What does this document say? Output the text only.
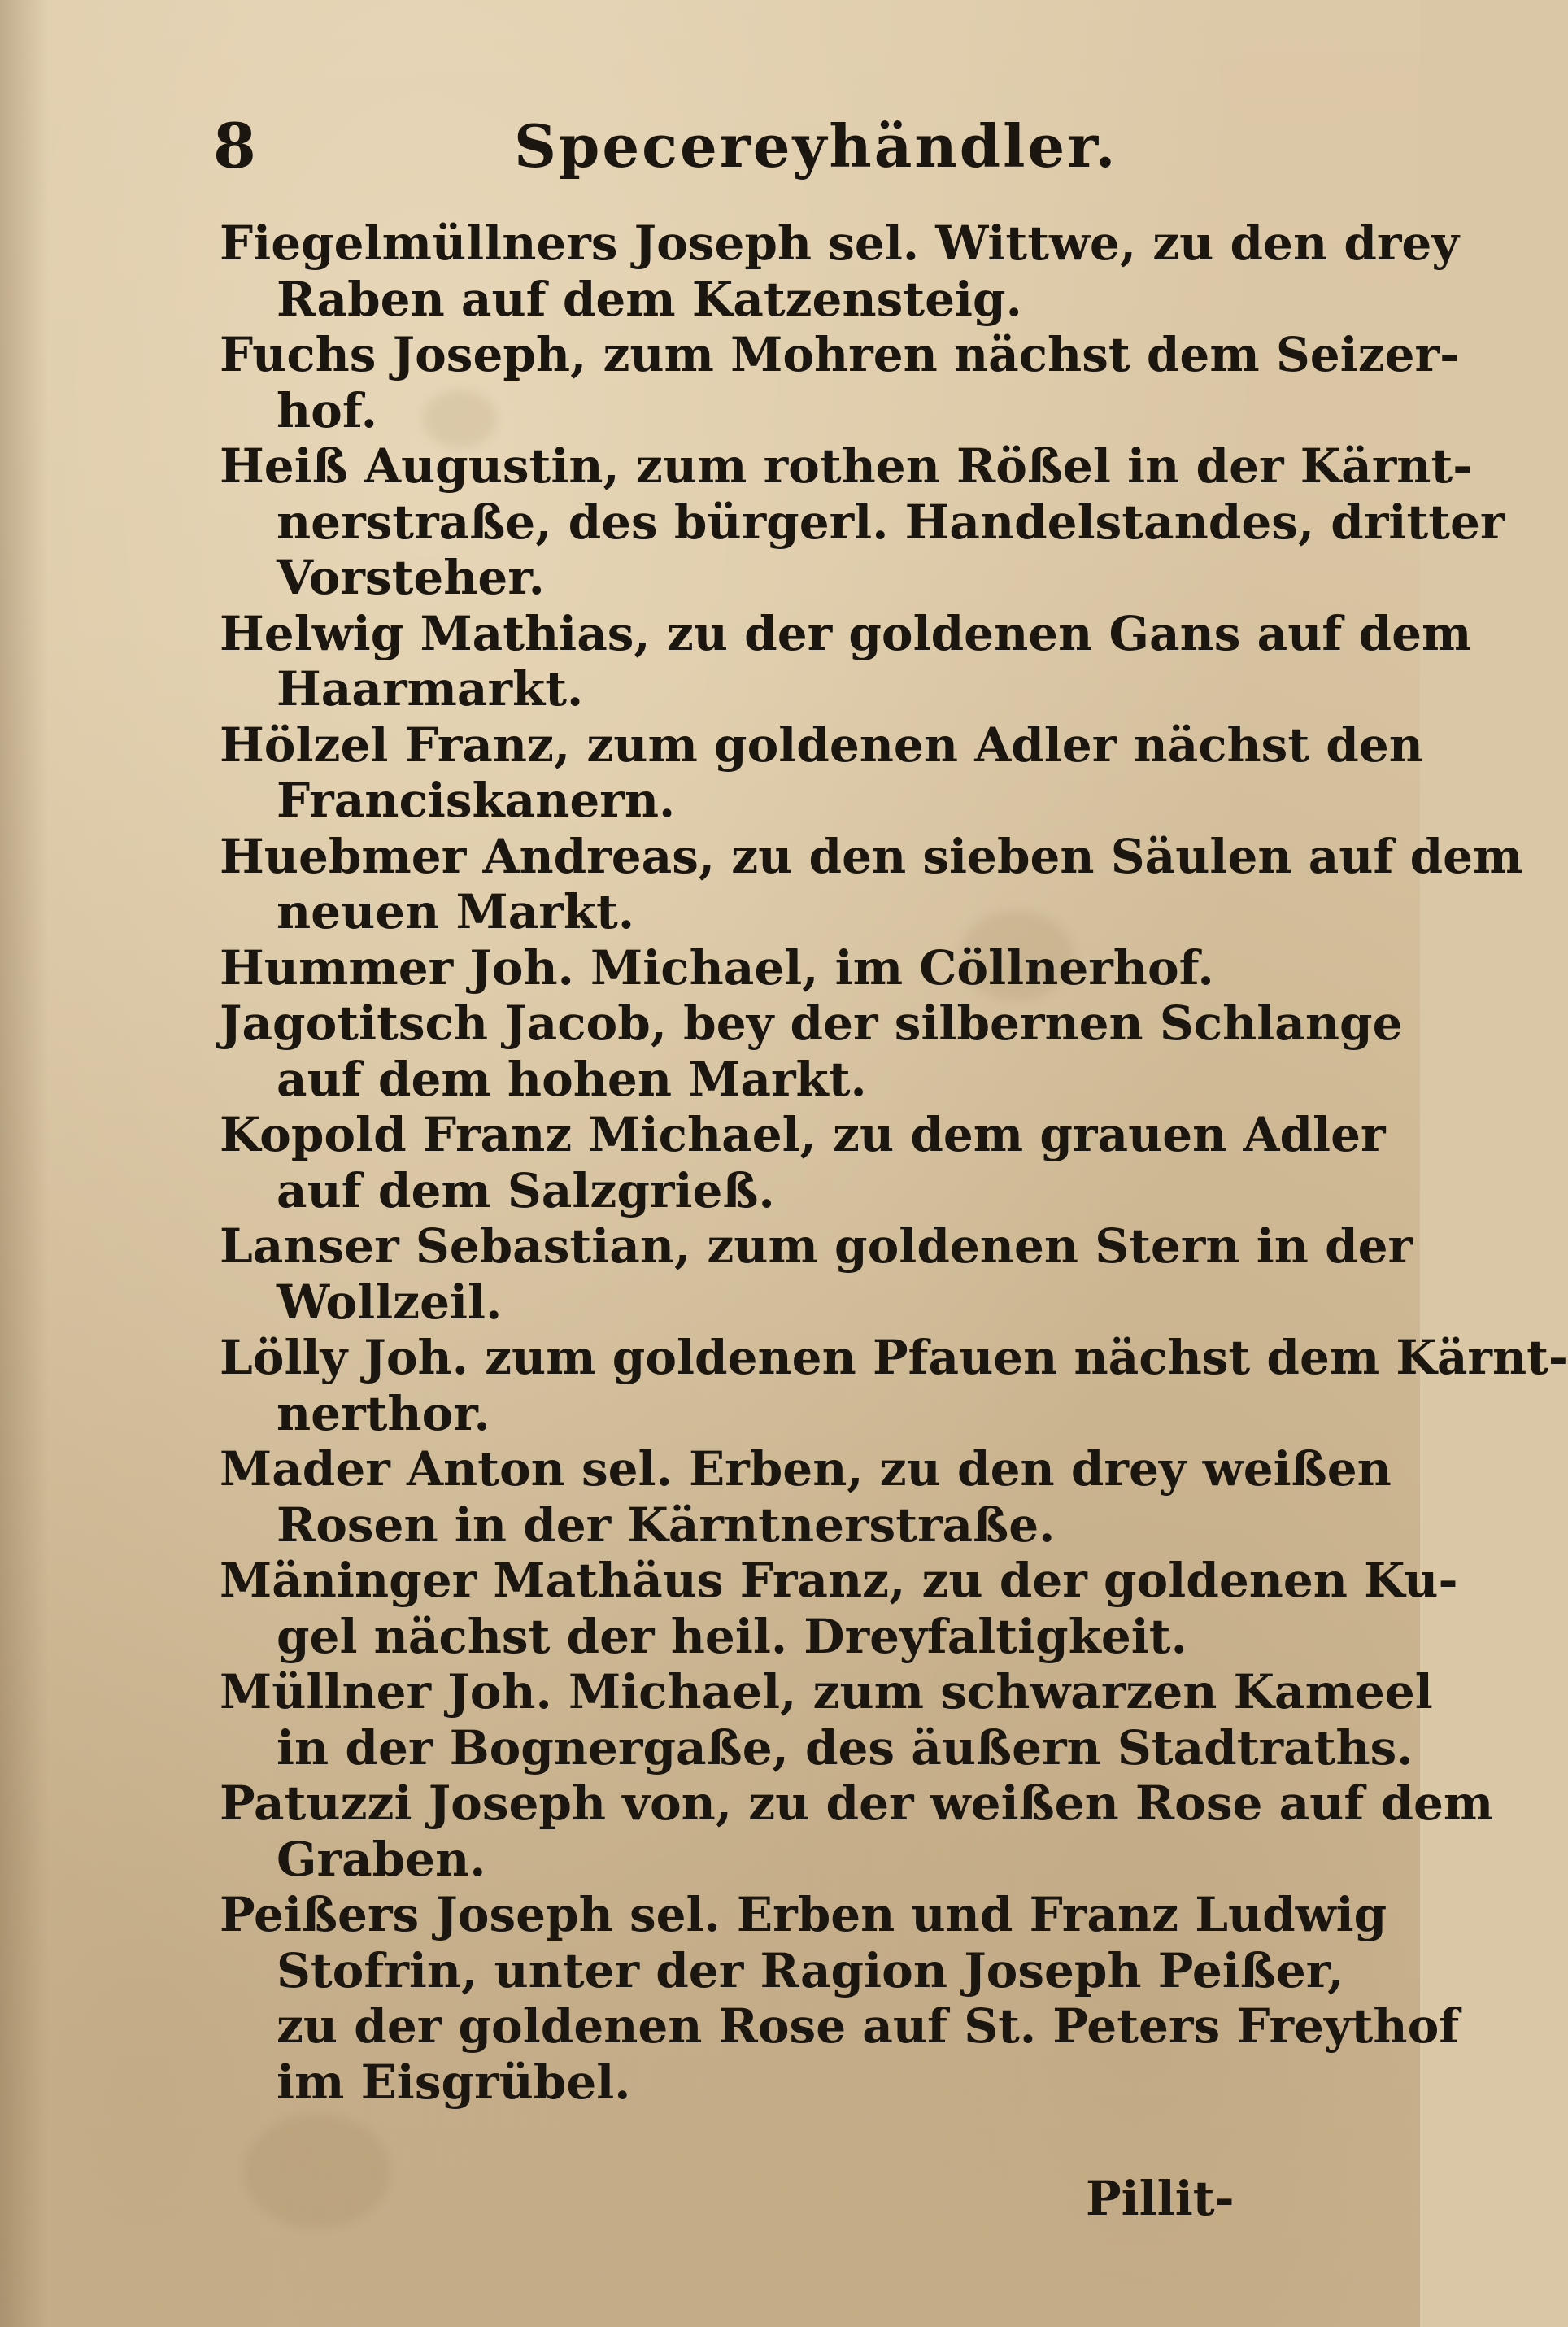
8	Specereyhändler.

Fiegelmüllners Joseph sel. Wittwe, zu den drey
Raben auf dem Katzensteig.

Fuchs Joseph, zum Mohren nächst dem Seizer-
hof.

Heiß Augustin, zum rothen Rößel in der Kärnt-
nerstraße, des bürgerl. Handelstandes, dritter
Vorsteher.

Helwig Mathias, zu der goldenen Gans auf dem
Haarmarkt.

Hölzel Franz, zum goldenen Adler nächst den
Franciskanern.

Huebmer Andreas, zu den sieben Säulen auf dem
neuen Markt.

Hummer Joh. Michael, im Cöllnerhof.

Jagotitsch Jacob, bey der silbernen Schlange
auf dem hohen Markt.

Kopold Franz Michael, zu dem grauen Adler
auf dem Salzgrieß.

Lanser Sebastian, zum goldenen Stern in der
Wollzeil.

Lölly Joh. zum goldenen Pfauen nächst dem Kärnt-
nerthor.

Mader Anton sel. Erben, zu den drey weißen
Rosen in der Kärntnerstraße.

Mäninger Mathäus Franz, zu der goldenen Ku-
gel nächst der heil. Dreyfaltigkeit.

Müllner Joh. Michael, zum schwarzen Kameel
in der Bognergaße, des äußern Stadtraths.

Patuzzi Joseph von, zu der weißen Rose auf dem
Graben.

Peißers Joseph sel. Erben und Franz Ludwig
Stofrin, unter der Ragion Joseph Peißer,
zu der goldenen Rose auf St. Peters Freythof
im Eisgrübel.

Pillit-
